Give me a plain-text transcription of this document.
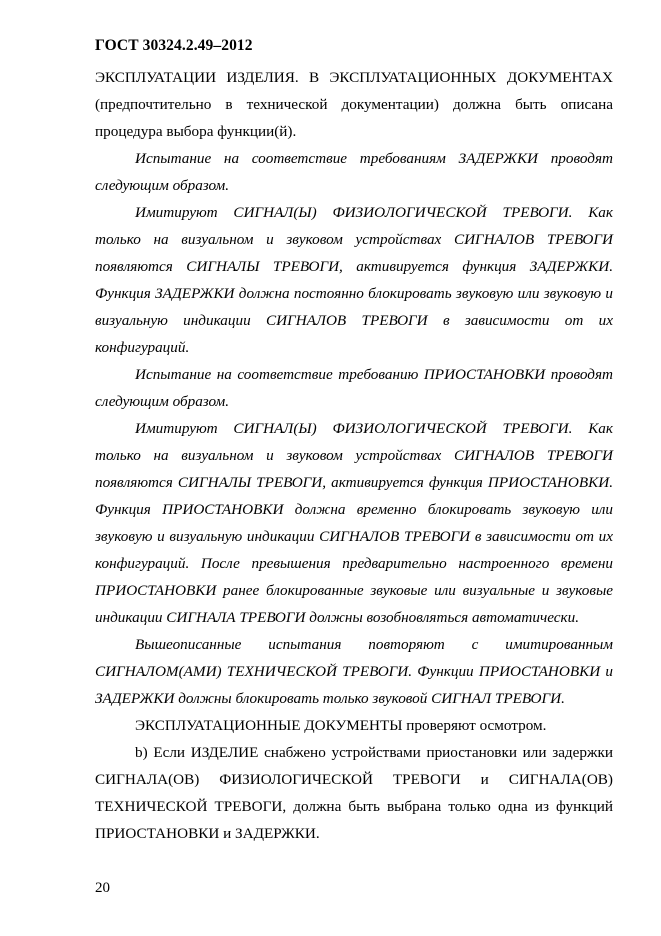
ГОСТ 30324.2.49–2012

ЭКСПЛУАТАЦИИ ИЗДЕЛИЯ. В ЭКСПЛУАТАЦИОННЫХ ДОКУМЕНТАХ (предпочтительно в технической документации) должна быть описана процедура выбора функции(й).

Испытание на соответствие требованиям ЗАДЕРЖКИ проводят следующим образом.

Имитируют СИГНАЛ(Ы) ФИЗИОЛОГИЧЕСКОЙ ТРЕВОГИ. Как только на визуальном и звуковом устройствах СИГНАЛОВ ТРЕВОГИ появляются СИГНАЛЫ ТРЕВОГИ, активируется функция ЗАДЕРЖКИ. Функция ЗАДЕРЖКИ должна постоянно блокировать звуковую или звуковую и визуальную индикации СИГНАЛОВ ТРЕВОГИ в зависимости от их конфигураций.

Испытание на соответствие требованию ПРИОСТАНОВКИ проводят следующим образом.

Имитируют СИГНАЛ(Ы) ФИЗИОЛОГИЧЕСКОЙ ТРЕВОГИ. Как только на визуальном и звуковом устройствах СИГНАЛОВ ТРЕВОГИ появляются СИГНАЛЫ ТРЕВОГИ, активируется функция ПРИОСТАНОВКИ. Функция ПРИОСТАНОВКИ должна временно блокировать звуковую или звуковую и визуальную индикации СИГНАЛОВ ТРЕВОГИ в зависимости от их конфигураций. После превышения предварительно настроенного времени ПРИОСТАНОВКИ ранее блокированные звуковые или визуальные и звуковые индикации СИГНАЛА ТРЕВОГИ должны возобновляться автоматически.

Вышеописанные испытания повторяют с имитированным СИГНАЛОМ(АМИ) ТЕХНИЧЕСКОЙ ТРЕВОГИ. Функции ПРИОСТАНОВКИ и ЗАДЕРЖКИ должны блокировать только звуковой СИГНАЛ ТРЕВОГИ.

ЭКСПЛУАТАЦИОННЫЕ ДОКУМЕНТЫ проверяют осмотром.

b) Если ИЗДЕЛИЕ снабжено устройствами приостановки или задержки СИГНАЛА(ОВ) ФИЗИОЛОГИЧЕСКОЙ ТРЕВОГИ и СИГНАЛА(ОВ) ТЕХНИЧЕСКОЙ ТРЕВОГИ, должна быть выбрана только одна из функций ПРИОСТАНОВКИ и ЗАДЕРЖКИ.

20
